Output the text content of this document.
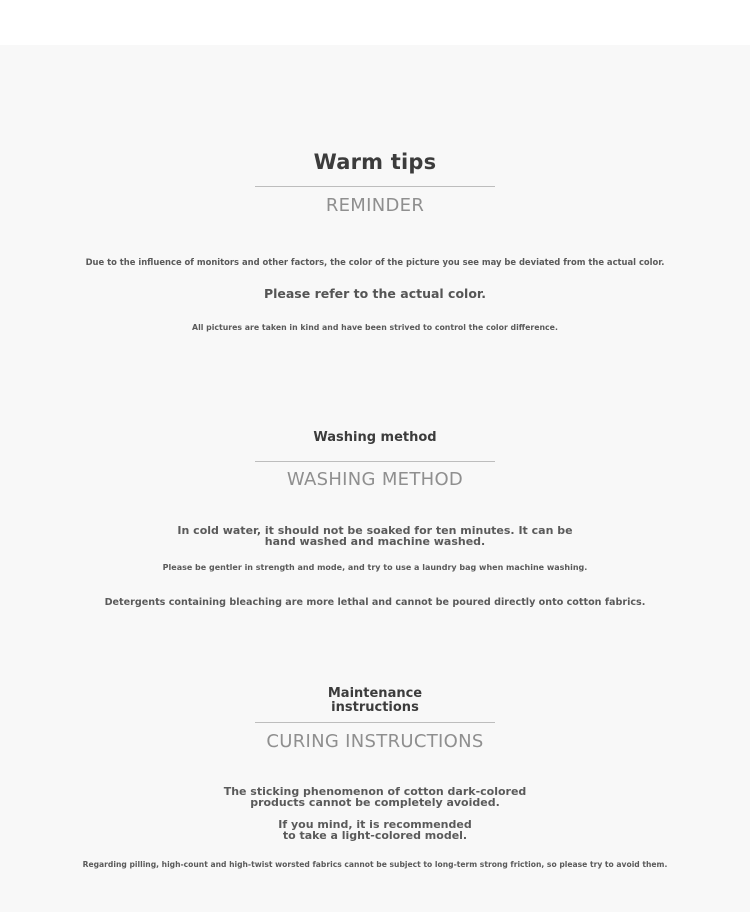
Warm tips

REMINDER

Due to the influence of monitors and other factors, the color of the picture you see may be deviated from the actual color.

Please refer to the actual color.

All pictures are taken in kind and have been strived to control the color difference.

Washing method

WASHING METHOD

In cold water, it should not be soaked for ten minutes. It can be hand washed and machine washed.

Please be gentler in strength and mode, and try to use a laundry bag when machine washing.

Detergents containing bleaching are more lethal and cannot be poured directly onto cotton fabrics.

Maintenance instructions

CURING INSTRUCTIONS

The sticking phenomenon of cotton dark-colored products cannot be completely avoided.

If you mind, it is recommended to take a light-colored model.

Regarding pilling, high-count and high-twist worsted fabrics cannot be subject to long-term strong friction, so please try to avoid them.
